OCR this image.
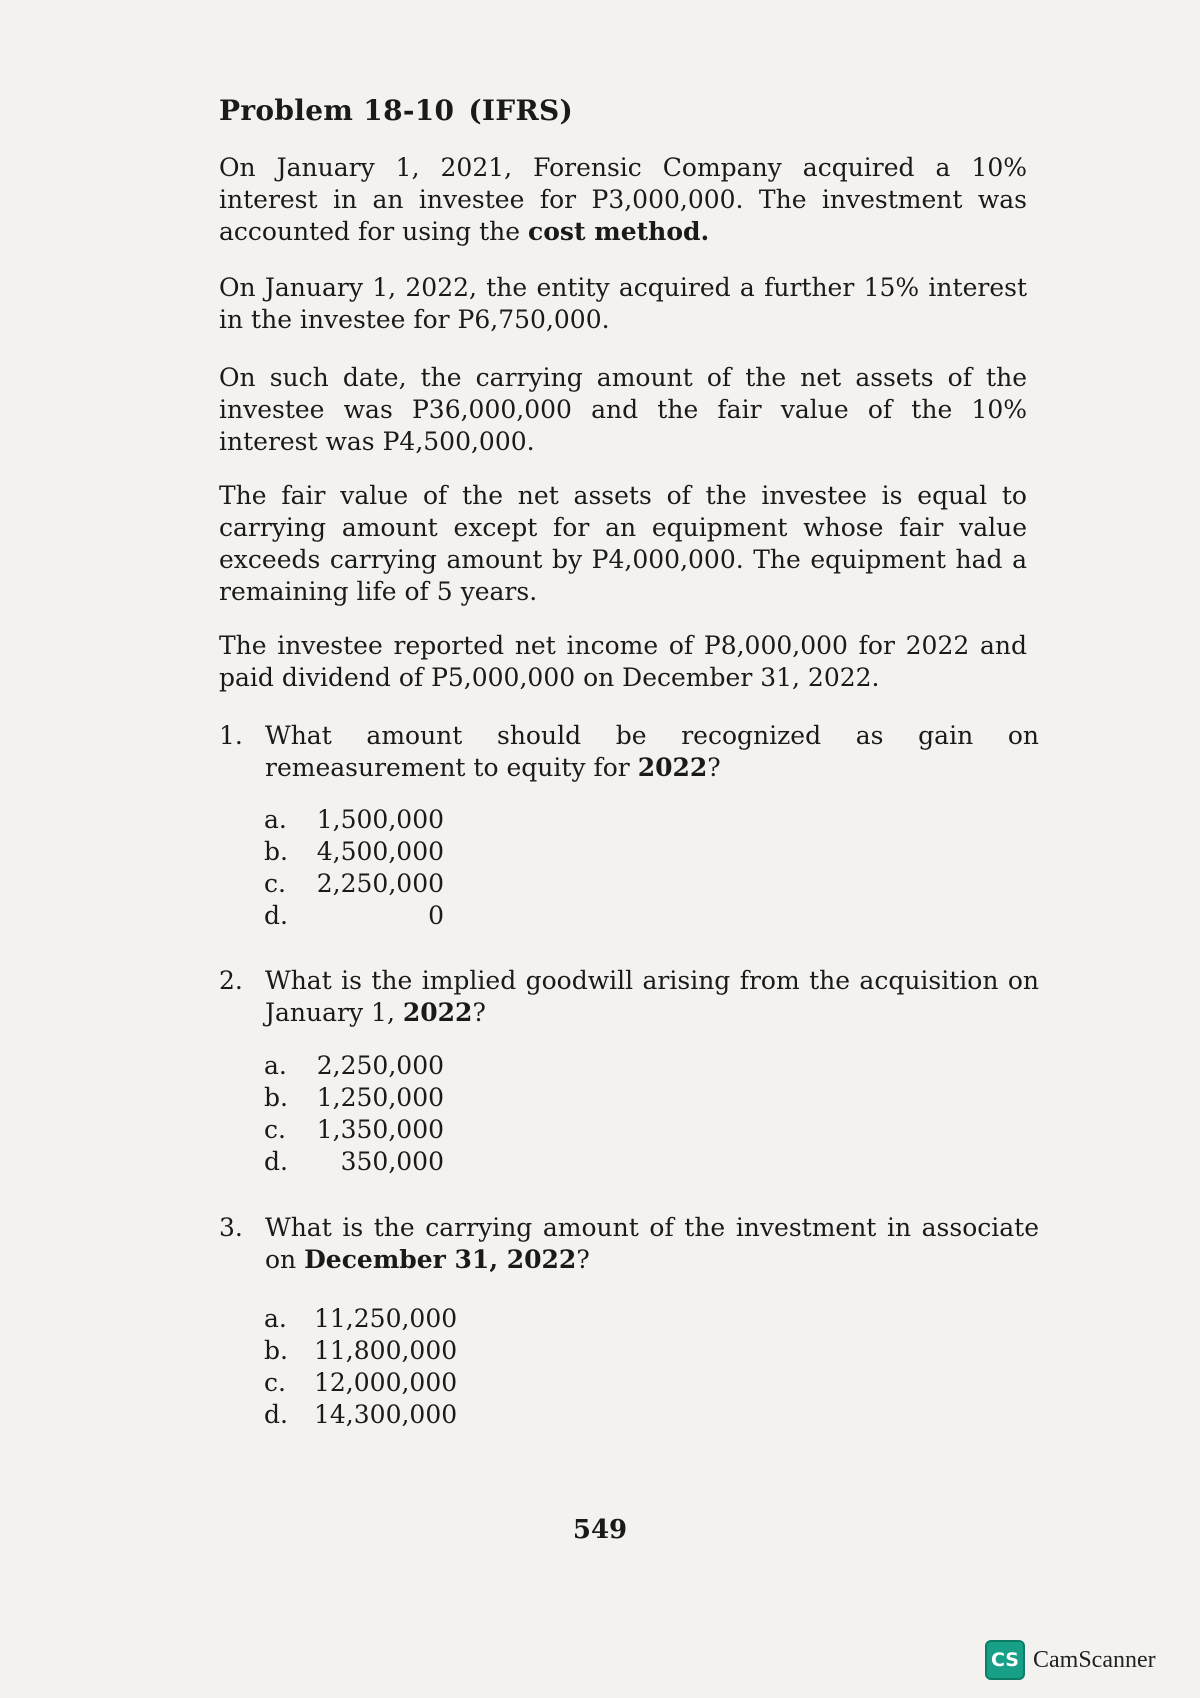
Problem 18-10 (IFRS)
On January 1, 2021, Forensic Company acquired a 10% interest in an investee for P3,000,000. The investment was accounted for using the cost method.
On January 1, 2022, the entity acquired a further 15% interest in the investee for P6,750,000.
On such date, the carrying amount of the net assets of the investee was P36,000,000 and the fair value of the 10% interest was P4,500,000.
The fair value of the net assets of the investee is equal to carrying amount except for an equipment whose fair value exceeds carrying amount by P4,000,000. The equipment had a remaining life of 5 years.
The investee reported net income of P8,000,000 for 2022 and paid dividend of P5,000,000 on December 31, 2022.
1. What amount should be recognized as gain on remeasurement to equity for 2022?
a.	1,500,000
b.	4,500,000
c.	2,250,000
d.	0
2. What is the implied goodwill arising from the acquisition on January 1, 2022?
a.	2,250,000
b.	1,250,000
c.	1,350,000
d.	350,000
3. What is the carrying amount of the investment in associate on December 31, 2022?
a.	11,250,000
b.	11,800,000
c.	12,000,000
d.	14,300,000
549
CS CamScanner
